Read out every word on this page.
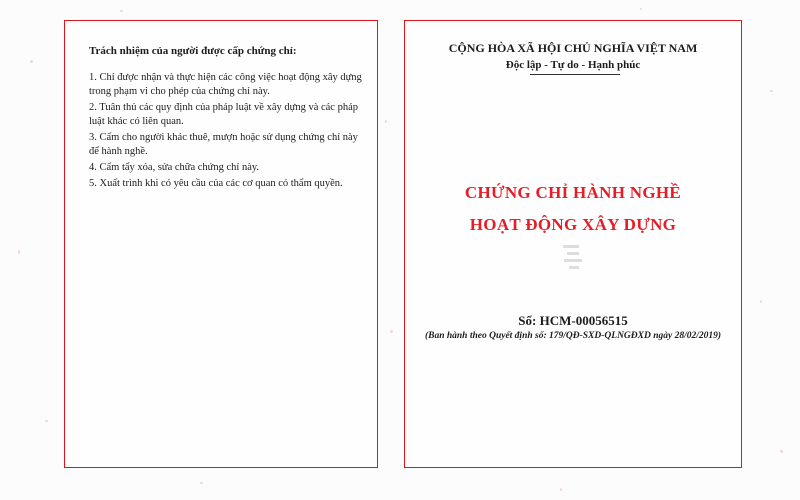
Trách nhiệm của người được cấp chứng chỉ:

1. Chỉ được nhận và thực hiện các công việc hoạt động xây dựng trong phạm vi cho phép của chứng chỉ này.
2. Tuân thủ các quy định của pháp luật về xây dựng và các pháp luật khác có liên quan.
3. Cấm cho người khác thuê, mượn hoặc sử dụng chứng chỉ này để hành nghề.
4. Cấm tẩy xóa, sửa chữa chứng chỉ này.
5. Xuất trình khi có yêu cầu của các cơ quan có thẩm quyền.
CỘNG HÒA XÃ HỘI CHỦ NGHĨA VIỆT NAM
Độc lập - Tự do - Hạnh phúc
CHỨNG CHỈ HÀNH NGHỀ
HOẠT ĐỘNG XÂY DỰNG
Số: HCM-00056515
(Ban hành theo Quyết định số: 179/QĐ-SXD-QLNGĐXD ngày 28/02/2019)
